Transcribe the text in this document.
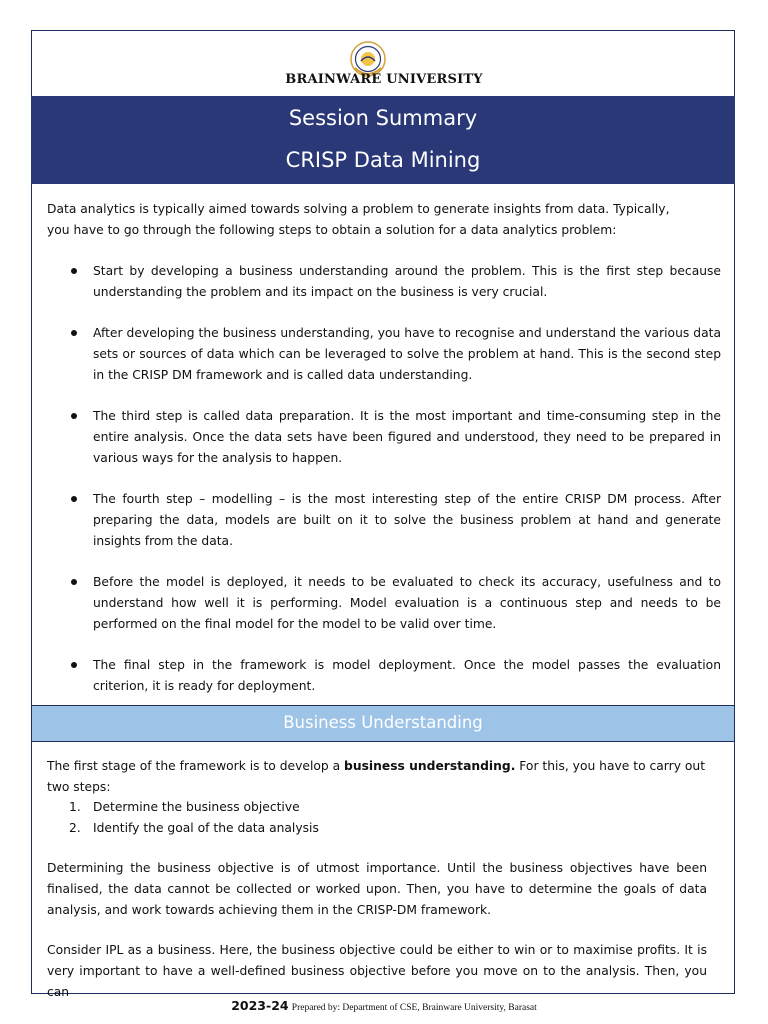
BRAINWARE UNIVERSITY
Session Summary
CRISP Data Mining
Data analytics is typically aimed towards solving a problem to generate insights from data. Typically,
you have to go through the following steps to obtain a solution for a data analytics problem:
Start by developing a business understanding around the problem. This is the first step because understanding the problem and its impact on the business is very crucial.
After developing the business understanding, you have to recognise and understand the various data sets or sources of data which can be leveraged to solve the problem at hand. This is the second step in the CRISP DM framework and is called data understanding.
The third step is called data preparation. It is the most important and time-consuming step in the entire analysis. Once the data sets have been figured and understood, they need to be prepared in various ways for the analysis to happen.
The fourth step – modelling – is the most interesting step of the entire CRISP DM process. After preparing the data, models are built on it to solve the business problem at hand and generate insights from the data.
Before the model is deployed, it needs to be evaluated to check its accuracy, usefulness and to understand how well it is performing. Model evaluation is a continuous step and needs to be performed on the final model for the model to be valid over time.
The final step in the framework is model deployment. Once the model passes the evaluation criterion, it is ready for deployment.
Business Understanding
The first stage of the framework is to develop a business understanding. For this, you have to carry out two steps:
1. Determine the business objective
2. Identify the goal of the data analysis
Determining the business objective is of utmost importance. Until the business objectives have been finalised, the data cannot be collected or worked upon. Then, you have to determine the goals of data analysis, and work towards achieving them in the CRISP-DM framework.
Consider IPL as a business. Here, the business objective could be either to win or to maximise profits. It is very important to have a well-defined business objective before you move on to the analysis. Then, you can
2023-24 Prepared by: Department of CSE, Brainware University, Barasat
